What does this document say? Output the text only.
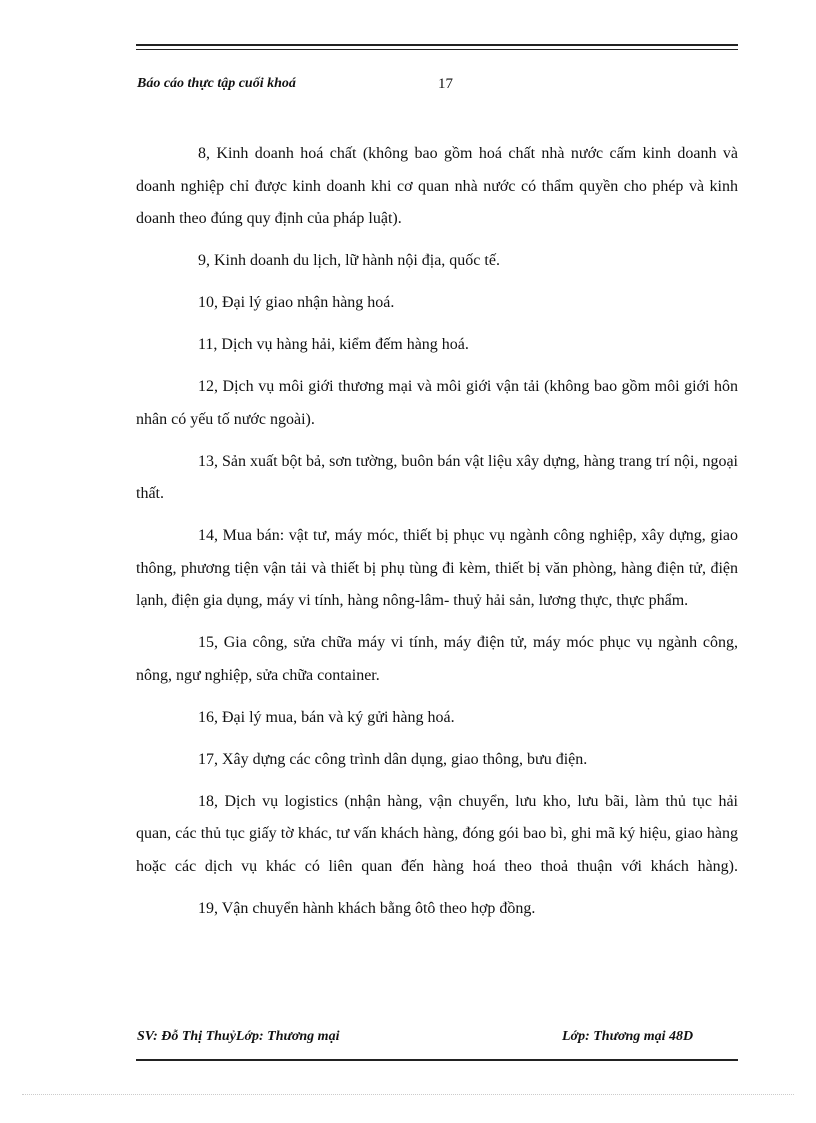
Báo cáo thực tập cuối khoá	17

8, Kinh doanh hoá chất (không bao gồm hoá chất nhà nước cấm kinh doanh và doanh nghiệp chỉ được kinh doanh khi cơ quan nhà nước có thẩm quyền cho phép và kinh doanh theo đúng quy định của pháp luật).

9, Kinh doanh du lịch, lữ hành nội địa, quốc tế.

10, Đại lý giao nhận hàng hoá.

11, Dịch vụ hàng hải, kiểm đếm hàng hoá.

12, Dịch vụ môi giới thương mại và môi giới vận tải (không bao gồm môi giới hôn nhân có yếu tố nước ngoài).

13, Sản xuất bột bả, sơn tường, buôn bán vật liệu xây dựng, hàng trang trí nội, ngoại thất.

14, Mua bán: vật tư, máy móc, thiết bị phục vụ ngành công nghiệp, xây dựng, giao thông, phương tiện vận tải và thiết bị phụ tùng đi kèm, thiết bị văn phòng, hàng điện tử, điện lạnh, điện gia dụng, máy vi tính, hàng nông-lâm- thuỷ hải sản, lương thực, thực phẩm.

15, Gia công, sửa chữa máy vi tính, máy điện tử, máy móc phục vụ ngành công, nông, ngư nghiệp, sửa chữa container.

16, Đại lý mua, bán và ký gửi hàng hoá.

17, Xây dựng các công trình dân dụng, giao thông, bưu điện.

18, Dịch vụ logistics (nhận hàng, vận chuyển, lưu kho, lưu bãi, làm thủ tục hải quan, các thủ tục giấy tờ khác, tư vấn khách hàng, đóng gói bao bì, ghi mã ký hiệu, giao hàng hoặc các dịch vụ khác có liên quan đến hàng hoá theo thoả thuận với khách hàng).

19, Vận chuyển hành khách bằng ôtô theo hợp đồng.

SV: Đỗ Thị ThuỷLớp: Thương mại	Lớp: Thương mại 48D
